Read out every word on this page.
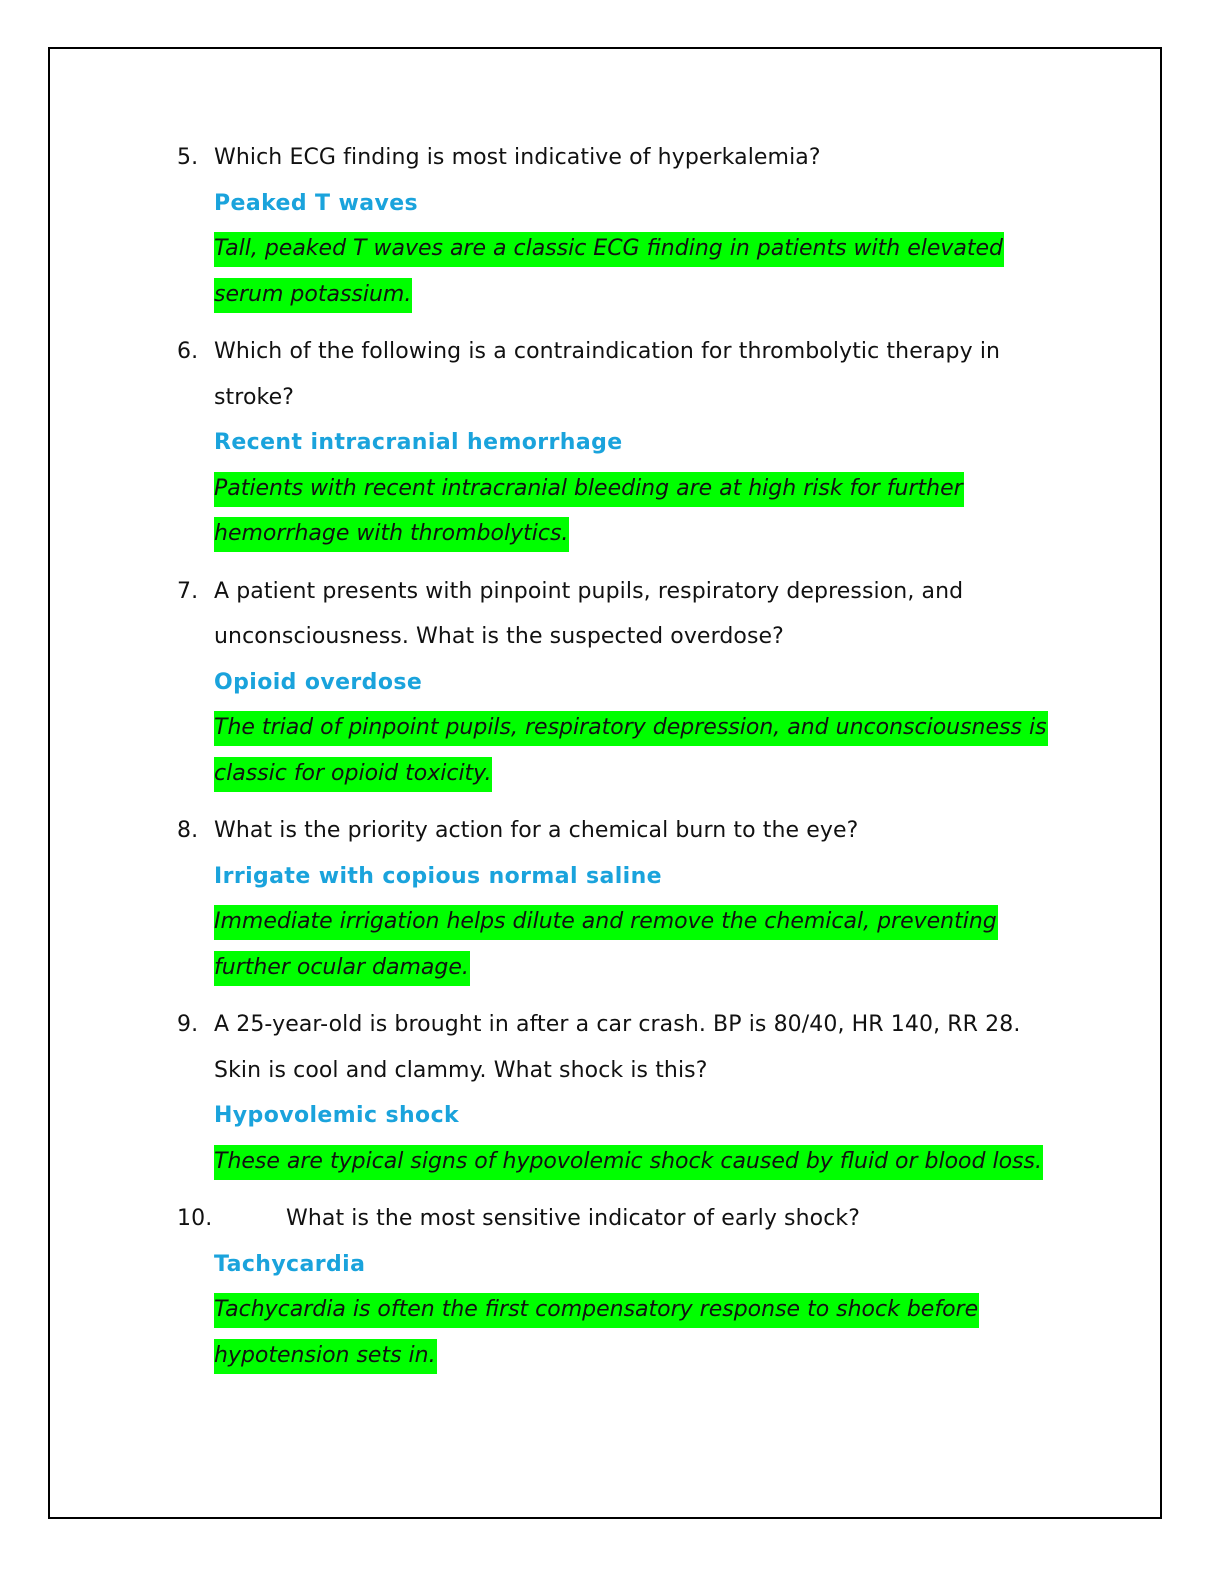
5. Which ECG finding is most indicative of hyperkalemia?
Peaked T waves
Tall, peaked T waves are a classic ECG finding in patients with elevated serum potassium.
6. Which of the following is a contraindication for thrombolytic therapy in stroke?
Recent intracranial hemorrhage
Patients with recent intracranial bleeding are at high risk for further hemorrhage with thrombolytics.
7. A patient presents with pinpoint pupils, respiratory depression, and unconsciousness. What is the suspected overdose?
Opioid overdose
The triad of pinpoint pupils, respiratory depression, and unconsciousness is classic for opioid toxicity.
8. What is the priority action for a chemical burn to the eye?
Irrigate with copious normal saline
Immediate irrigation helps dilute and remove the chemical, preventing further ocular damage.
9. A 25-year-old is brought in after a car crash. BP is 80/40, HR 140, RR 28. Skin is cool and clammy. What shock is this?
Hypovolemic shock
These are typical signs of hypovolemic shock caused by fluid or blood loss.
10.	What is the most sensitive indicator of early shock?
Tachycardia
Tachycardia is often the first compensatory response to shock before hypotension sets in.
